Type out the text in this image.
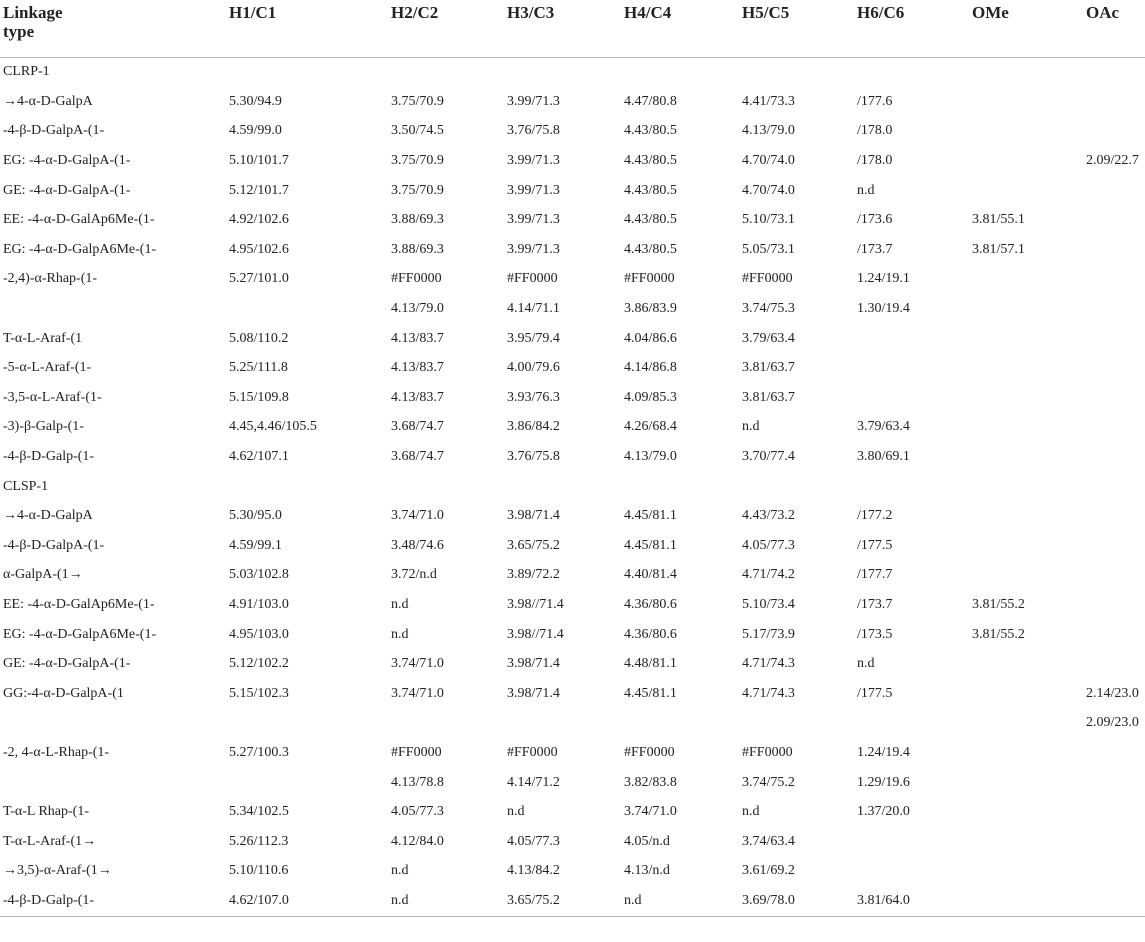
Linkage
type	H1/C1	H2/C2	H3/C3	H4/C4	H5/C5	H6/C6	OMe	OAc
CLRP-1								
→4-α-D-GalpA	5.30/94.9	3.75/70.9	3.99/71.3	4.47/80.8	4.41/73.3	/177.6		
-4-β-D-GalpA-(1-	4.59/99.0	3.50/74.5	3.76/75.8	4.43/80.5	4.13/79.0	/178.0		
EG: -4-α-D-GalpA-(1-	5.10/101.7	3.75/70.9	3.99/71.3	4.43/80.5	4.70/74.0	/178.0		2.09/22.7
GE: -4-α-D-GalpA-(1-	5.12/101.7	3.75/70.9	3.99/71.3	4.43/80.5	4.70/74.0	n.d		
EE: -4-α-D-GalAp6Me-(1-	4.92/102.6	3.88/69.3	3.99/71.3	4.43/80.5	5.10/73.1	/173.6	3.81/55.1	
EG: -4-α-D-GalpA6Me-(1-	4.95/102.6	3.88/69.3	3.99/71.3	4.43/80.5	5.05/73.1	/173.7	3.81/57.1	
-2,4)-α-Rhap-(1-	5.27/101.0	#FF0000	#FF0000	#FF0000	#FF0000	1.24/19.1		
		4.13/79.0	4.14/71.1	3.86/83.9	3.74/75.3	1.30/19.4		
T-α-L-Araf-(1	5.08/110.2	4.13/83.7	3.95/79.4	4.04/86.6	3.79/63.4			
-5-α-L-Araf-(1-	5.25/111.8	4.13/83.7	4.00/79.6	4.14/86.8	3.81/63.7			
-3,5-α-L-Araf-(1-	5.15/109.8	4.13/83.7	3.93/76.3	4.09/85.3	3.81/63.7			
-3)-β-Galp-(1-	4.45,4.46/105.5	3.68/74.7	3.86/84.2	4.26/68.4	n.d	3.79/63.4		
-4-β-D-Galp-(1-	4.62/107.1	3.68/74.7	3.76/75.8	4.13/79.0	3.70/77.4	3.80/69.1		
CLSP-1								
→4-α-D-GalpA	5.30/95.0	3.74/71.0	3.98/71.4	4.45/81.1	4.43/73.2	/177.2		
-4-β-D-GalpA-(1-	4.59/99.1	3.48/74.6	3.65/75.2	4.45/81.1	4.05/77.3	/177.5		
α-GalpA-(1→	5.03/102.8	3.72/n.d	3.89/72.2	4.40/81.4	4.71/74.2	/177.7		
EE: -4-α-D-GalAp6Me-(1-	4.91/103.0	n.d	3.98//71.4	4.36/80.6	5.10/73.4	/173.7	3.81/55.2	
EG: -4-α-D-GalpA6Me-(1-	4.95/103.0	n.d	3.98//71.4	4.36/80.6	5.17/73.9	/173.5	3.81/55.2	
GE: -4-α-D-GalpA-(1-	5.12/102.2	3.74/71.0	3.98/71.4	4.48/81.1	4.71/74.3	n.d		
GG:-4-α-D-GalpA-(1	5.15/102.3	3.74/71.0	3.98/71.4	4.45/81.1	4.71/74.3	/177.5		2.14/23.0
								2.09/23.0
-2, 4-α-L-Rhap-(1-	5.27/100.3	#FF0000	#FF0000	#FF0000	#FF0000	1.24/19.4		
		4.13/78.8	4.14/71.2	3.82/83.8	3.74/75.2	1.29/19.6		
T-α-L Rhap-(1-	5.34/102.5	4.05/77.3	n.d	3.74/71.0	n.d	1.37/20.0		
T-α-L-Araf-(1→	5.26/112.3	4.12/84.0	4.05/77.3	4.05/n.d	3.74/63.4			
→3,5)-α-Araf-(1→	5.10/110.6	n.d	4.13/84.2	4.13/n.d	3.61/69.2			
-4-β-D-Galp-(1-	4.62/107.0	n.d	3.65/75.2	n.d	3.69/78.0	3.81/64.0		
